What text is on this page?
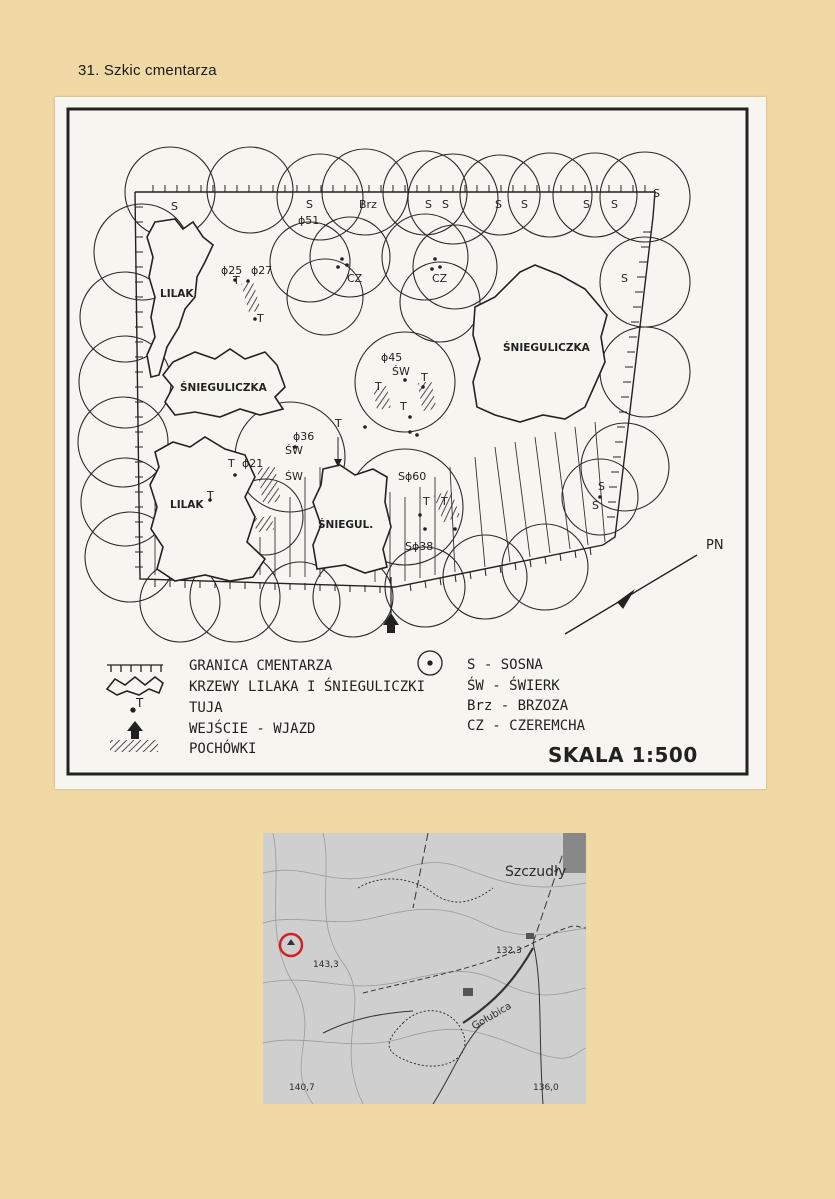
31. Szkic cmentarza
LILAK
ŚNIEGULICZKA
ŚNIEGULICZKA
LILAK
ŚNIEGUL.
S	S	Brz	S S	S S	S S
S
ϕ51
CZ	CZ
ϕ25 ϕ27
T
T
S
ϕ45
ŚW
T
T
T
ϕ36
ŚW
ŚW
ϕ21
T
T
T
Sϕ60
T T
Sϕ38
S
S
PN
GRANICA CMENTARZA
KRZEWY LILAKA I ŚNIEGULICZKI
T	TUJA
WEJŚCIE - WJAZD
POCHÓWKI
S - SOSNA
ŚW - ŚWIERK
Brz - BRZOZA
CZ - CZEREMCHA
SKALA 1:500
Szczudły
Gołubica
143,3
132,3
140,7	136,0
